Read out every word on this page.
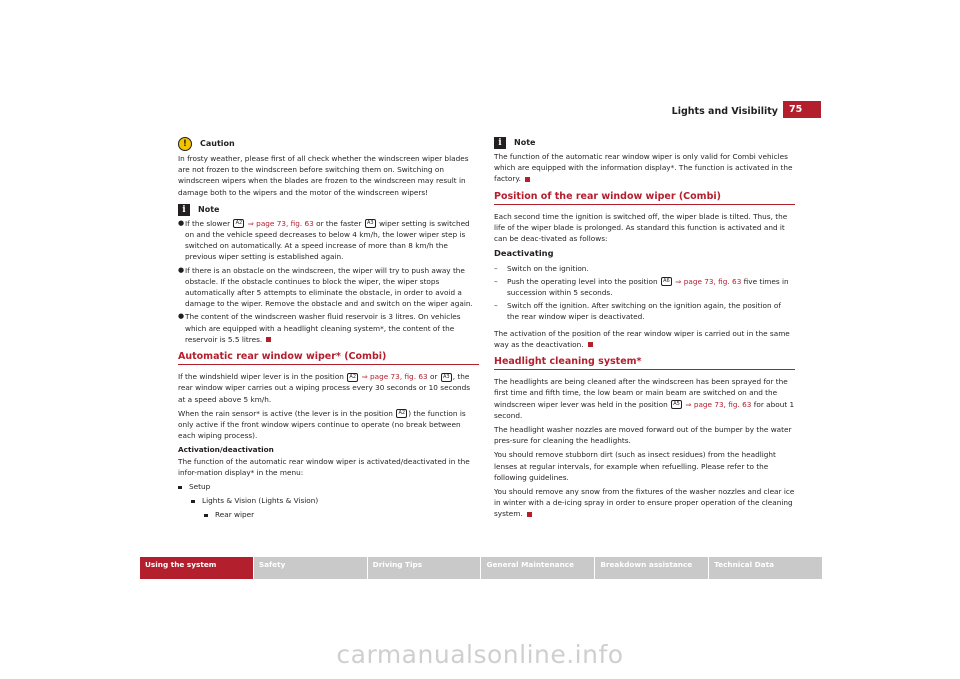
Lights and Visibility	75
!	Caution

In frosty weather, please first of all check whether the windscreen wiper blades are not frozen to the windscreen before switching them on. Switching on windscreen wipers when the blades are frozen to the windscreen may result in damage both to the wipers and the motor of the windscreen wipers!

i	Note
● If the slower A2 ⇒ page 73, fig. 63 or the faster A3 wiper setting is switched on and the vehicle speed decreases to below 4 km/h, the lower wiper step is switched on automatically. At a speed increase of more than 8 km/h the previous wiper setting is established again.
● If there is an obstacle on the windscreen, the wiper will try to push away the obstacle. If the obstacle continues to block the wiper, the wiper stops automatically after 5 attempts to eliminate the obstacle, in order to avoid a damage to the wiper. Remove the obstacle and and switch on the wiper again.
● The content of the windscreen washer fluid reservoir is 3 litres. On vehicles which are equipped with a headlight cleaning system*, the content of the reservoir is 5.5 litres.
Automatic rear window wiper* (Combi)

If the windshield wiper lever is in the position A2 ⇒ page 73, fig. 63 or A3 , the rear window wiper carries out a wiping process every 30 seconds or 10 seconds at a speed above 5 km/h.

When the rain sensor* is active (the lever is in the position A2 ) the function is only active if the front window wipers continue to operate (no break between each wiping process).

Activation/deactivation

The function of the automatic rear window wiper is activated/deactivated in the infor-mation display* in the menu:

Setup
Lights & Vision (Lights & Vision)
Rear wiper
i	Note

The function of the automatic rear window wiper is only valid for Combi vehicles which are equipped with the information display*. The function is activated in the factory.

Position of the rear window wiper (Combi)

Each second time the ignition is switched off, the wiper blade is tilted. Thus, the life of the wiper blade is prolonged. As standard this function is activated and it can be deac-tivated as follows:

Deactivating
–	Switch on the ignition.
–	Push the operating level into the position A6 ⇒ page 73, fig. 63 five times in succession within 5 seconds.
–	Switch off the ignition. After switching on the ignition again, the position of the rear window wiper is deactivated.

The activation of the position of the rear window wiper is carried out in the same way as the deactivation.

Headlight cleaning system*

The headlights are being cleaned after the windscreen has been sprayed for the first time and fifth time, the low beam or main beam are switched on and the windscreen wiper lever was held in the position A5 ⇒ page 73, fig. 63 for about 1 second.

The headlight washer nozzles are moved forward out of the bumper by the water pres-sure for cleaning the headlights.

You should remove stubborn dirt (such as insect residues) from the headlight lenses at regular intervals, for example when refuelling. Please refer to the following guidelines.

You should remove any snow from the fixtures of the washer nozzles and clear ice in winter with a de-icing spray in order to ensure proper operation of the cleaning system.

Using the system	Safety	Driving Tips	General Maintenance	Breakdown assistance	Technical Data
carmanualsonline.info
